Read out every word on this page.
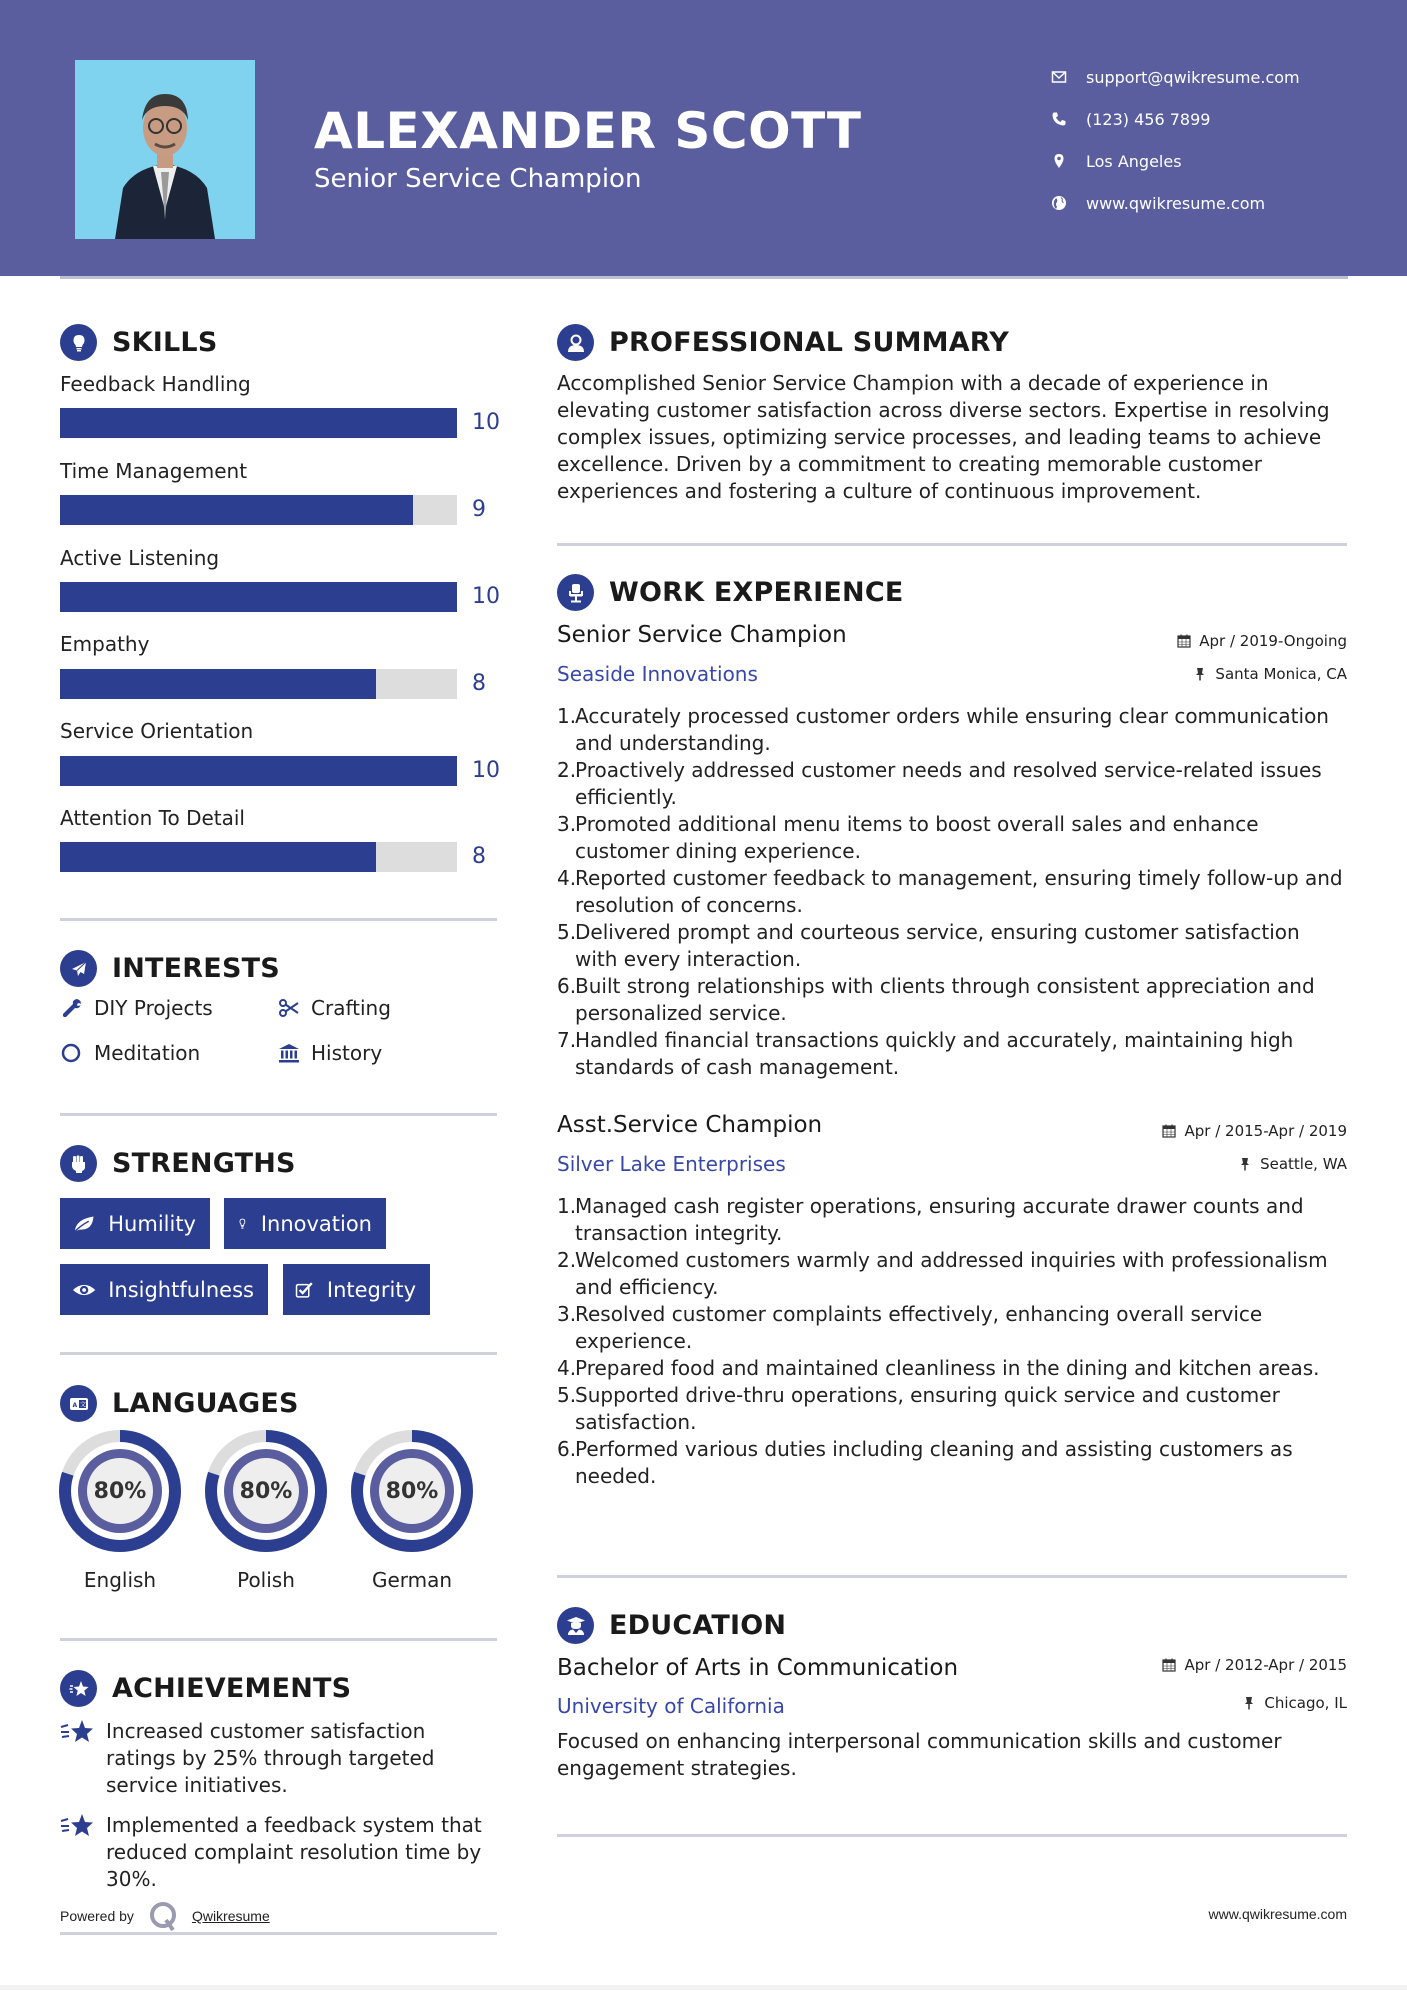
ALEXANDER SCOTT
Senior Service Champion
support@qwikresume.com
(123) 456 7899
Los Angeles
www.qwikresume.com
SKILLS
Feedback Handling
10
Time Management
9
Active Listening
10
Empathy
8
Service Orientation
10
Attention To Detail
8
INTERESTS
DIY Projects	Crafting
Meditation	History
STRENGTHS
Humility	Innovation
Insightfulness	Integrity
A 文 LANGUAGES
80%
English
80%
Polish
80%
German
ACHIEVEMENTS
Increased customer satisfaction ratings by 25% through targeted service initiatives.
Implemented a feedback system that reduced complaint resolution time by 30%.
Powered by	Qwikresume
PROFESSIONAL SUMMARY
Accomplished Senior Service Champion with a decade of experience in elevating customer satisfaction across diverse sectors. Expertise in resolving complex issues, optimizing service processes, and leading teams to achieve excellence. Driven by a commitment to creating memorable customer experiences and fostering a culture of continuous improvement.
WORK EXPERIENCE
Senior Service Champion	Apr / 2019-Ongoing
Seaside Innovations	Santa Monica, CA
1.
Accurately processed customer orders while ensuring clear communication and understanding.
2.
Proactively addressed customer needs and resolved service-related issues efficiently.
3.
Promoted additional menu items to boost overall sales and enhance customer dining experience.
4.
Reported customer feedback to management, ensuring timely follow-up and resolution of concerns.
5.
Delivered prompt and courteous service, ensuring customer satisfaction with every interaction.
6.
Built strong relationships with clients through consistent appreciation and personalized service.
7.
Handled financial transactions quickly and accurately, maintaining high standards of cash management.
Asst.Service Champion	Apr / 2015-Apr / 2019
Silver Lake Enterprises	Seattle, WA
1.
Managed cash register operations, ensuring accurate drawer counts and transaction integrity.
2.
Welcomed customers warmly and addressed inquiries with professionalism and efficiency.
3.
Resolved customer complaints effectively, enhancing overall service experience.
4.
Prepared food and maintained cleanliness in the dining and kitchen areas.
5.
Supported drive-thru operations, ensuring quick service and customer satisfaction.
6.
Performed various duties including cleaning and assisting customers as needed.
EDUCATION
Bachelor of Arts in Communication	Apr / 2012-Apr / 2015
University of California	Chicago, IL
Focused on enhancing interpersonal communication skills and customer engagement strategies.
www.qwikresume.com
